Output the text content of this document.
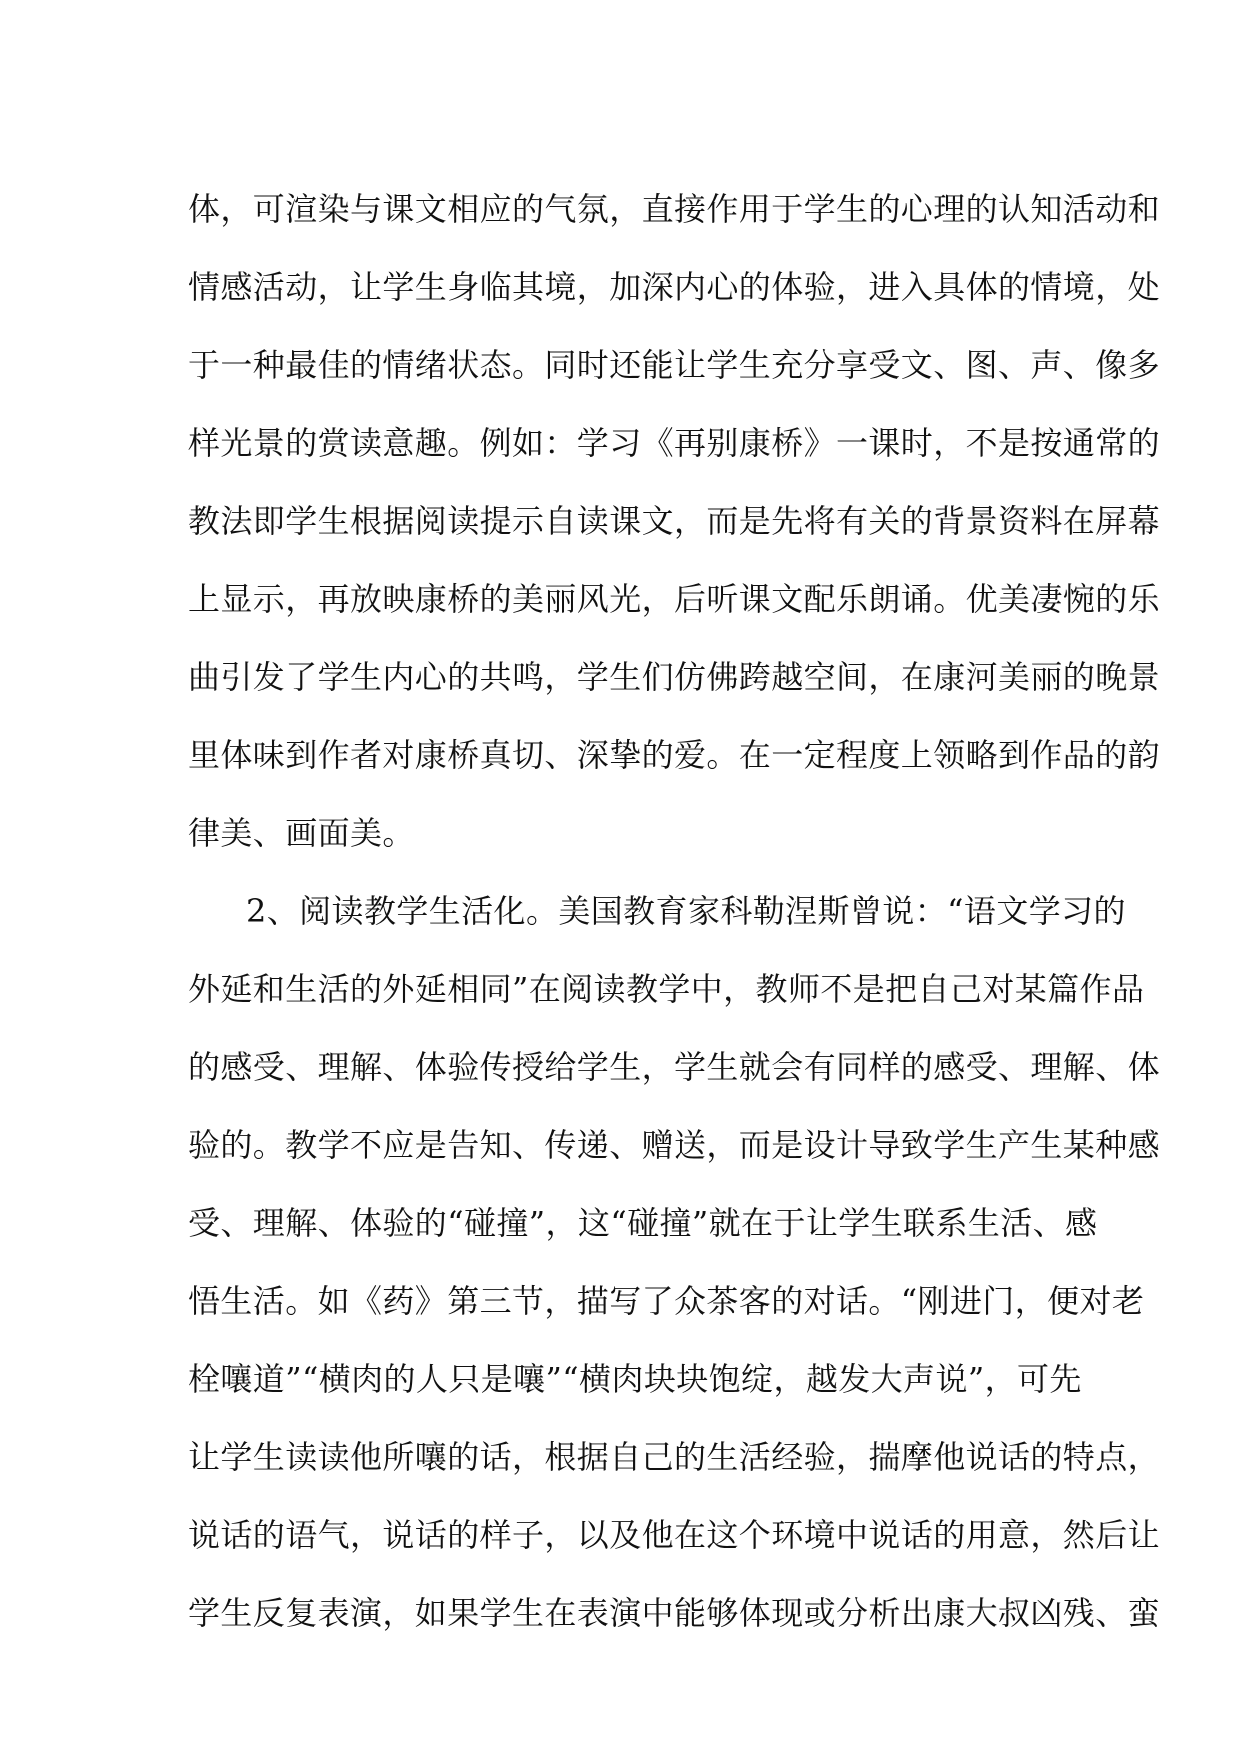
体，可渲染与课文相应的气氛，直接作用于学生的心理的认知活动和
情感活动，让学生身临其境，加深内心的体验，进入具体的情境，处
于一种最佳的情绪状态。同时还能让学生充分享受文、图、声、像多
样光景的赏读意趣。例如：学习《再别康桥》一课时，不是按通常的
教法即学生根据阅读提示自读课文，而是先将有关的背景资料在屏幕
上显示，再放映康桥的美丽风光，后听课文配乐朗诵。优美凄惋的乐
曲引发了学生内心的共鸣，学生们仿佛跨越空间，在康河美丽的晚景
里体味到作者对康桥真切、深挚的爱。在一定程度上领略到作品的韵
律美、画面美。
2、阅读教学生活化。美国教育家科勒涅斯曾说：“语文学习的
外延和生活的外延相同”在阅读教学中，教师不是把自己对某篇作品
的感受、理解、体验传授给学生，学生就会有同样的感受、理解、体
验的。教学不应是告知、传递、赠送，而是设计导致学生产生某种感
受、理解、体验的“碰撞”，这“碰撞”就在于让学生联系生活、感
悟生活。如《药》第三节，描写了众茶客的对话。“刚进门，便对老
栓嚷道”“横肉的人只是嚷”“横肉块块饱绽，越发大声说”，可先
让学生读读他所嚷的话，根据自己的生活经验，揣摩他说话的特点，
说话的语气，说话的样子，以及他在这个环境中说话的用意，然后让
学生反复表演，如果学生在表演中能够体现或分析出康大叔凶残、蛮
